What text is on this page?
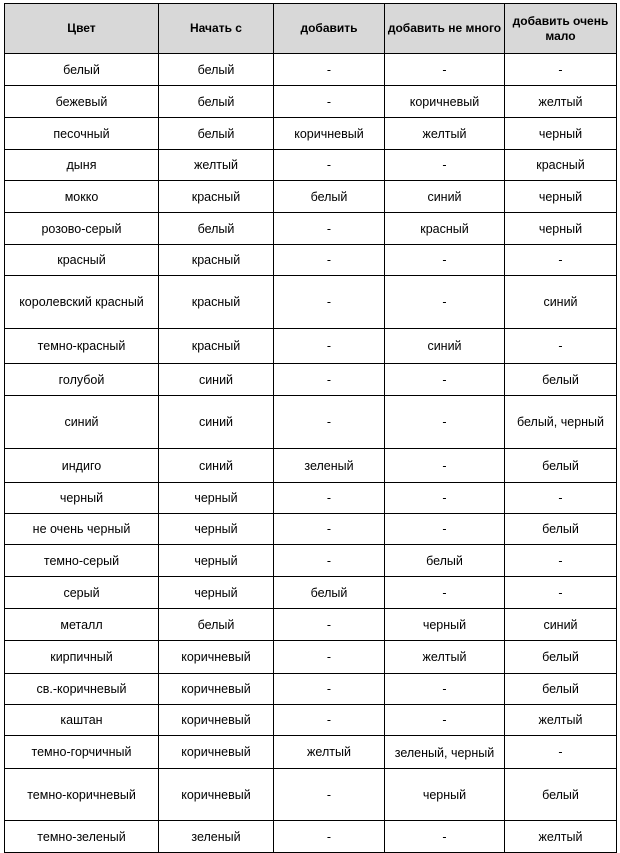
Цвет	Начать с	добавить	добавить не много	добавить очень мало
белый	белый	-	-	-
бежевый	белый	-	коричневый	желтый
песочный	белый	коричневый	желтый	черный
дыня	желтый	-	-	красный
мокко	красный	белый	синий	черный
розово-серый	белый	-	красный	черный
красный	красный	-	-	-
королевский красный	красный	-	-	синий
темно-красный	красный	-	синий	-
голубой	синий	-	-	белый
синий	синий	-	-	белый, черный
индиго	синий	зеленый	-	белый
черный	черный	-	-	-
не очень черный	черный	-	-	белый
темно-серый	черный	-	белый	-
серый	черный	белый	-	-
металл	белый	-	черный	синий
кирпичный	коричневый	-	желтый	белый
св.-коричневый	коричневый	-	-	белый
каштан	коричневый	-	-	желтый
темно-горчичный	коричневый	желтый	зеленый, черный	-
темно-коричневый	коричневый	-	черный	белый
темно-зеленый	зеленый	-	-	желтый
